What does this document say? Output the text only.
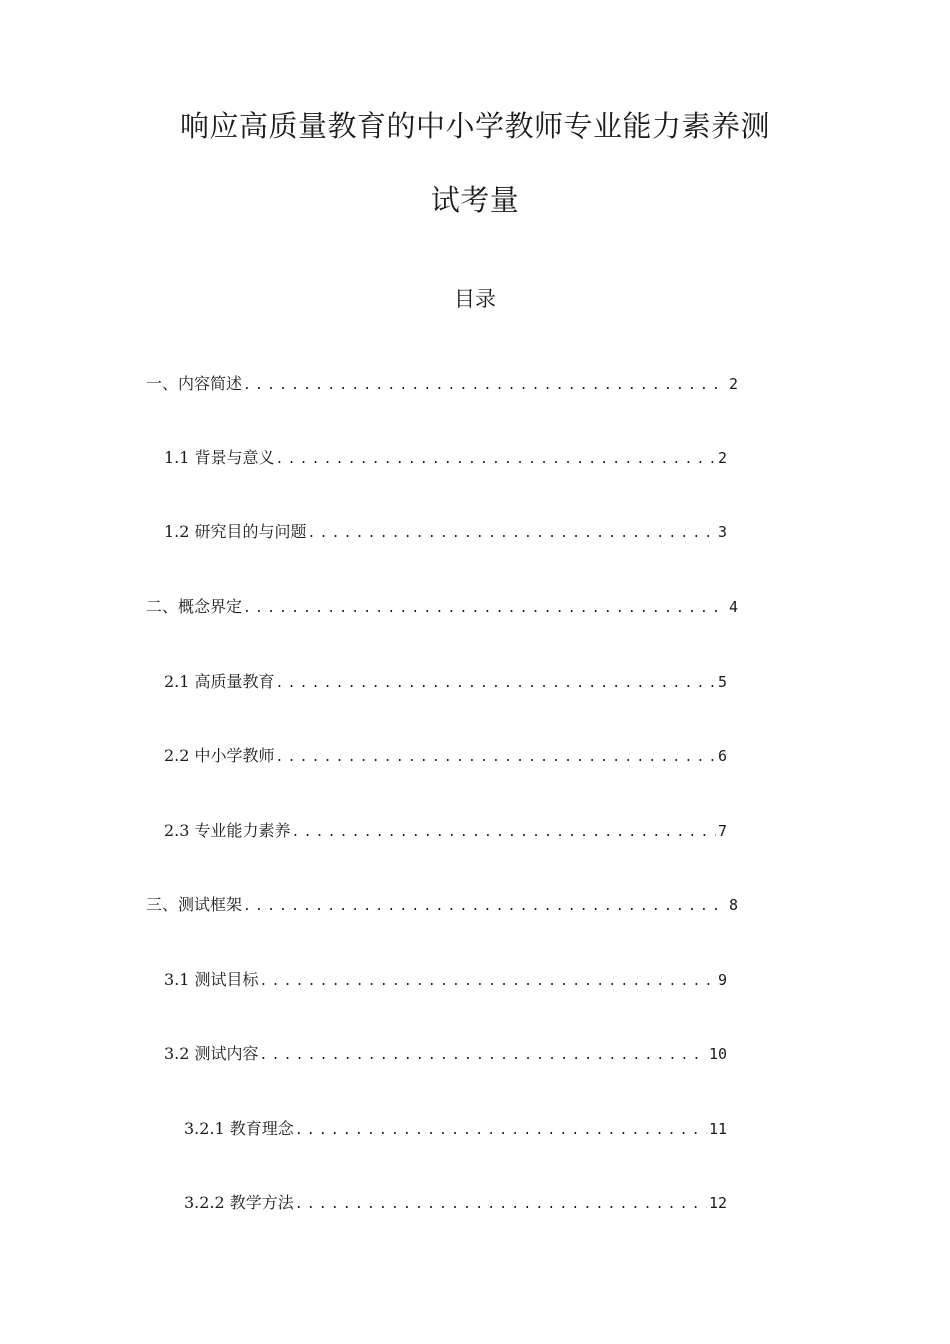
响应高质量教育的中小学教师专业能力素养测
试考量
目录
一、内容简述 .....	2
1.1 背景与意义 .....	2
1.2 研究目的与问题 .....	3
二、概念界定 .....	4
2.1 高质量教育 .....	5
2.2 中小学教师 .....	6
2.3 专业能力素养 .....	7
三、测试框架 .....	8
3.1 测试目标 .....	9
3.2 测试内容 .....	10
3.2.1 教育理念 .....	11
3.2.2 教学方法 .....	12
